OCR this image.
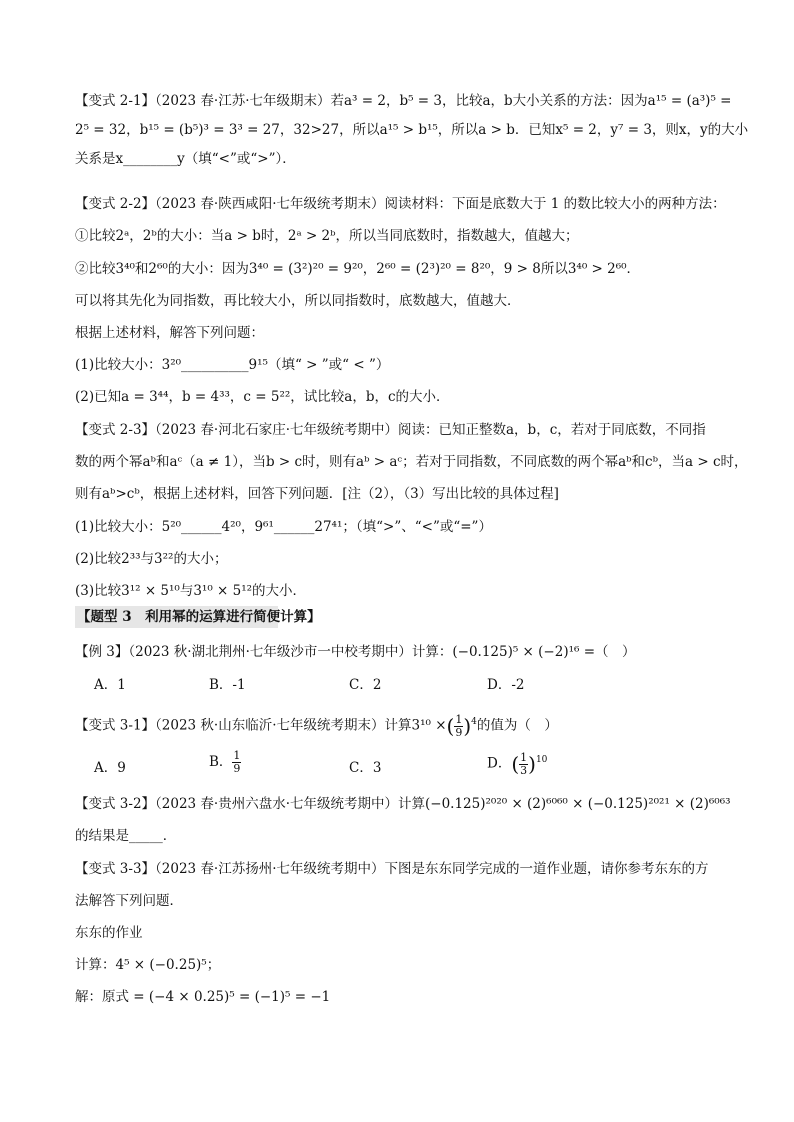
【变式 2-1】（2023 春·江苏·七年级期末）若a³ = 2，b⁵ = 3，比较a，b大小关系的方法：因为a¹⁵ = (a³)⁵ =
2⁵ = 32，b¹⁵ = (b⁵)³ = 3³ = 27，32>27，所以a¹⁵ > b¹⁵，所以a > b．已知x⁵ = 2，y⁷ = 3，则x，y的大小
关系是x________y（填“<”或“>”）．
【变式 2-2】（2023 春·陕西咸阳·七年级统考期末）阅读材料：下面是底数大于 1 的数比较大小的两种方法：
①比较2ᵃ，2ᵇ的大小：当a > b时，2ᵃ > 2ᵇ，所以当同底数时，指数越大，值越大；
②比较3⁴⁰和2⁶⁰的大小：因为3⁴⁰ = (3²)²⁰ = 9²⁰，2⁶⁰ = (2³)²⁰ = 8²⁰，9 > 8所以3⁴⁰ > 2⁶⁰．
可以将其先化为同指数，再比较大小，所以同指数时，底数越大，值越大．
根据上述材料，解答下列问题：
(1)比较大小：3²⁰__________9¹⁵（填“ > ”或“ < ”）
(2)已知a = 3⁴⁴，b = 4³³，c = 5²²，试比较a，b，c的大小．
【变式 2-3】（2023 春·河北石家庄·七年级统考期中）阅读：已知正整数a，b，c，若对于同底数，不同指
数的两个幂aᵇ和aᶜ（a ≠ 1），当b > c时，则有aᵇ > aᶜ；若对于同指数，不同底数的两个幂aᵇ和cᵇ，当a > c时，
则有aᵇ>cᵇ，根据上述材料，回答下列问题．[注（2），（3）写出比较的具体过程]
(1)比较大小：5²⁰______4²⁰，9⁶¹______27⁴¹；（填“>”、“<”或“=”）
(2)比较2³³与3²²的大小；
(3)比较3¹² × 5¹⁰与3¹⁰ × 5¹²的大小．
【题型 3　利用幂的运算进行简便计算】
【例 3】（2023 秋·湖北荆州·七年级沙市一中校考期中）计算：(−0.125)⁵ × (−2)¹⁶ =（　）
A．1	B．-1	C．2	D．-2
【变式 3-1】（2023 秋·山东临沂·七年级统考期末）计算3¹⁰ ×( $\frac{1}{9} )^4$的值为（　）
A．9	B． $\frac{1}{9}$	C．3	D．( $\frac{1}{3} )^{10}$
【变式 3-2】（2023 春·贵州六盘水·七年级统考期中）计算(−0.125)²⁰²⁰ × (2)⁶⁰⁶⁰ × (−0.125)²⁰²¹ × (2)⁶⁰⁶³
的结果是_____．
【变式 3-3】（2023 春·江苏扬州·七年级统考期中）下图是东东同学完成的一道作业题，请你参考东东的方
法解答下列问题．
东东的作业
计算：4⁵ × (−0.25)⁵；
解：原式 = (−4 × 0.25)⁵ = (−1)⁵ = −1
